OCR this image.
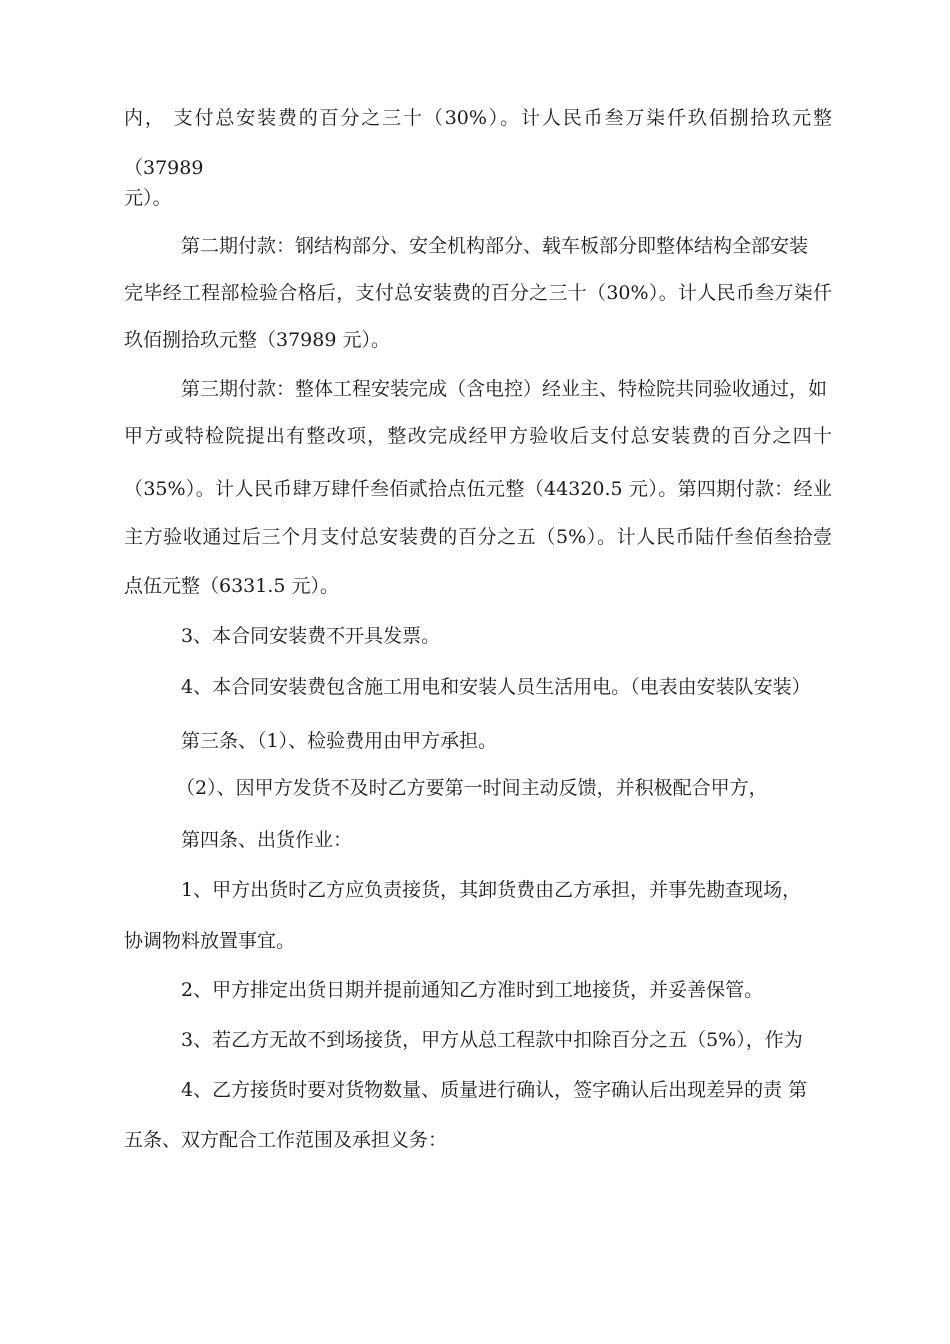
内， 支付总安装费的百分之三十（30%）。计人民币叁万柒仟玖佰捌拾玖元整
（37989
元）。
第二期付款：钢结构部分、安全机构部分、载车板部分即整体结构全部安装
完毕经工程部检验合格后，支付总安装费的百分之三十（30%）。计人民币叁万柒仟
玖佰捌拾玖元整（37989 元）。
第三期付款：整体工程安装完成（含电控）经业主、特检院共同验收通过，如
甲方或特检院提出有整改项，整改完成经甲方验收后支付总安装费的百分之四十
（35%）。计人民币肆万肆仟叁佰贰拾点伍元整（44320.5 元）。第四期付款：经业
主方验收通过后三个月支付总安装费的百分之五（5%）。计人民币陆仟叁佰叁拾壹
点伍元整（6331.5 元）。
3、本合同安装费不开具发票。
4、本合同安装费包含施工用电和安装人员生活用电。（电表由安装队安装）
第三条、（1）、检验费用由甲方承担。
（2）、因甲方发货不及时乙方要第一时间主动反馈，并积极配合甲方，
第四条、出货作业：
1、甲方出货时乙方应负责接货，其卸货费由乙方承担，并事先勘查现场，
协调物料放置事宜。
2、甲方排定出货日期并提前通知乙方准时到工地接货，并妥善保管。
3、若乙方无故不到场接货，甲方从总工程款中扣除百分之五（5%），作为
4、乙方接货时要对货物数量、质量进行确认，签字确认后出现差异的责 第
五条、双方配合工作范围及承担义务：
